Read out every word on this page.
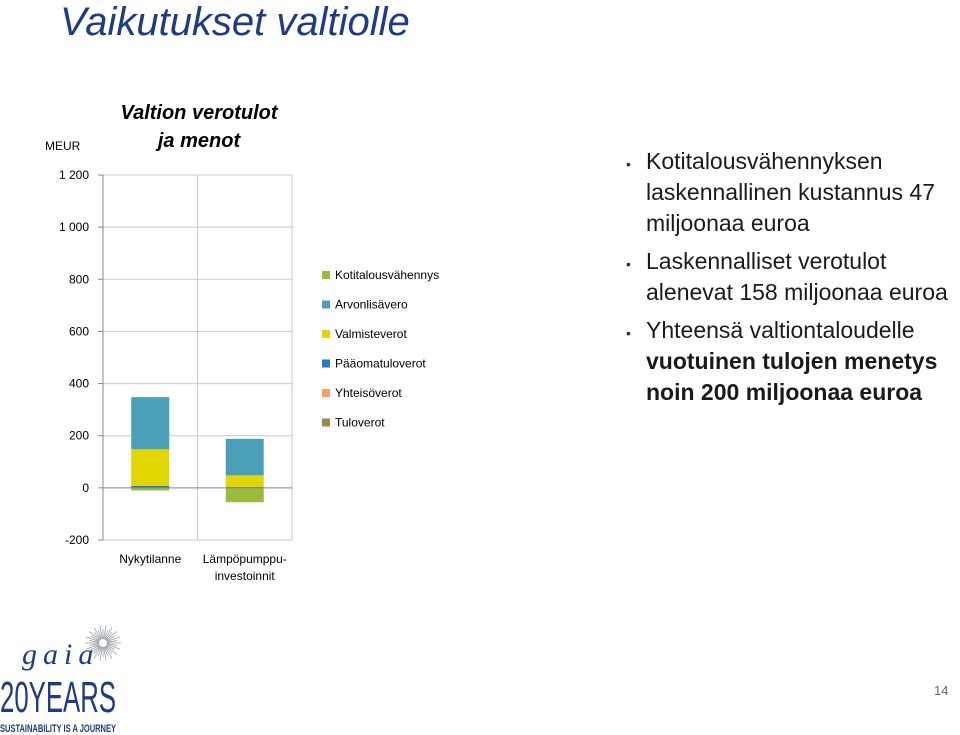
Vaikutukset valtiolle
1 200
1 000
800
600
400
200
0
-200
MEUR
Valtion verotulot
ja menot
Nykytilanne Lämpöpumppu-
investoinnit
Kotitalousvähennys
Arvonlisävero
Valmisteverot
Pääomatuloverot
Yhteisöverot
Tuloverot
• Kotitalousvähennyksen laskennallinen kustannus 47 miljoonaa euroa
• Laskennalliset verotulot alenevat 158 miljoonaa euroa
• Yhteensä valtiontaloudelle vuotuinen tulojen menetys noin 200 miljoonaa euroa
gaia
20YEARS
SUSTAINABILITY IS A JOURNEY
14
